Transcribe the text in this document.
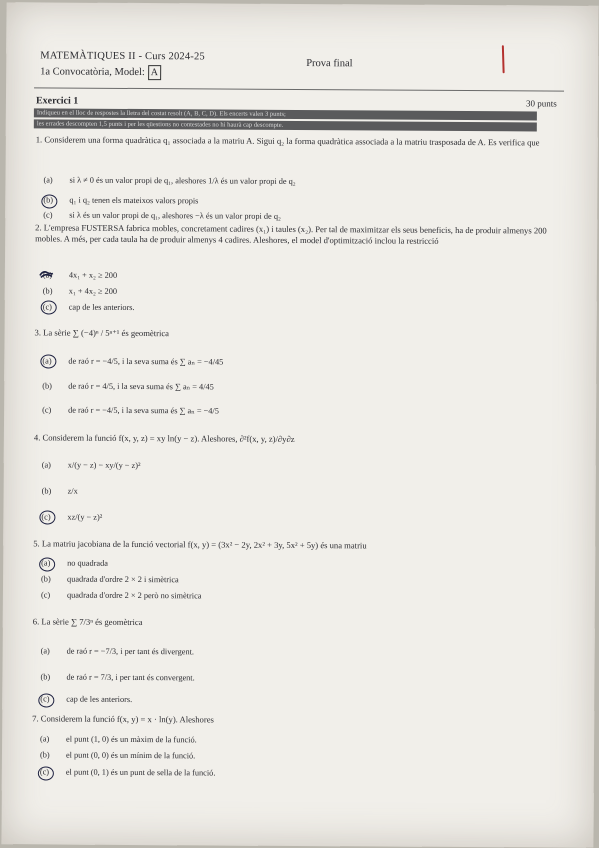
MATEMÀTIQUES II - Curs 2024-25
1a Convocatòria, Model: A
Prova final
Exercici 1	30 punts
Indiqueu en el lloc de respostes la lletra del costat resolt (A, B, C, D). Els encerts valen 3 punts;
les errades descompten 1,5 punts i per les qüestions no contestades no hi haurà cap descompte.
1. Considerem una forma quadràtica q₁ associada a la matriu A. Sigui q₂ la forma quadràtica associada a la matriu trasposada de A. Es verifica que
(a) si λ ≠ 0 és un valor propi de q₁, aleshores 1/λ és un valor propi de q₂
(b) q₁ i q₂ tenen els mateixos valors propis
(c) si λ és un valor propi de q₁, aleshores −λ és un valor propi de q₂
2. L'empresa FUSTERSA fabrica mobles, concretament cadires (x₁) i taules (x₂). Per tal de maximitzar els seus beneficis, ha de produir almenys 200 mobles. A més, per cada taula ha de produir almenys 4 cadires. Aleshores, el model d'optimització inclou la restricció
(a) 4x₁ + x₂ ≥ 200
(b) x₁ + 4x₂ ≥ 200
(c) cap de les anteriors.
3. La sèrie ∑ (−4)ⁿ / 5ⁿ⁺¹ és geomètrica
(a) de raó r = −4/5, i la seva suma és ∑ aₙ = −4/45
(b) de raó r = 4/5, i la seva suma és ∑ aₙ = 4/45
(c) de raó r = −4/5, i la seva suma és ∑ aₙ = −4/5
4. Considerem la funció f(x, y, z) = xy ln(y − z). Aleshores, ∂²f(x, y, z)/∂y∂z
(a) x/(y − z) − xy/(y − z)²
(b) z/x
(c) xz/(y − z)²
5. La matriu jacobiana de la funció vectorial f(x, y) = (3x² − 2y, 2x² + 3y, 5x² + 5y) és una matriu
(a) no quadrada
(b) quadrada d'ordre 2 × 2 i simètrica
(c) quadrada d'ordre 2 × 2 però no simètrica
6. La sèrie ∑ 7/3ⁿ és geomètrica
(a) de raó r = −7/3, i per tant és divergent.
(b) de raó r = 7/3, i per tant és convergent.
(c) cap de les anteriors.
7. Considerem la funció f(x, y) = x · ln(y). Aleshores
(a) el punt (1, 0) és un màxim de la funció.
(b) el punt (0, 0) és un mínim de la funció.
(c) el punt (0, 1) és un punt de sella de la funció.
